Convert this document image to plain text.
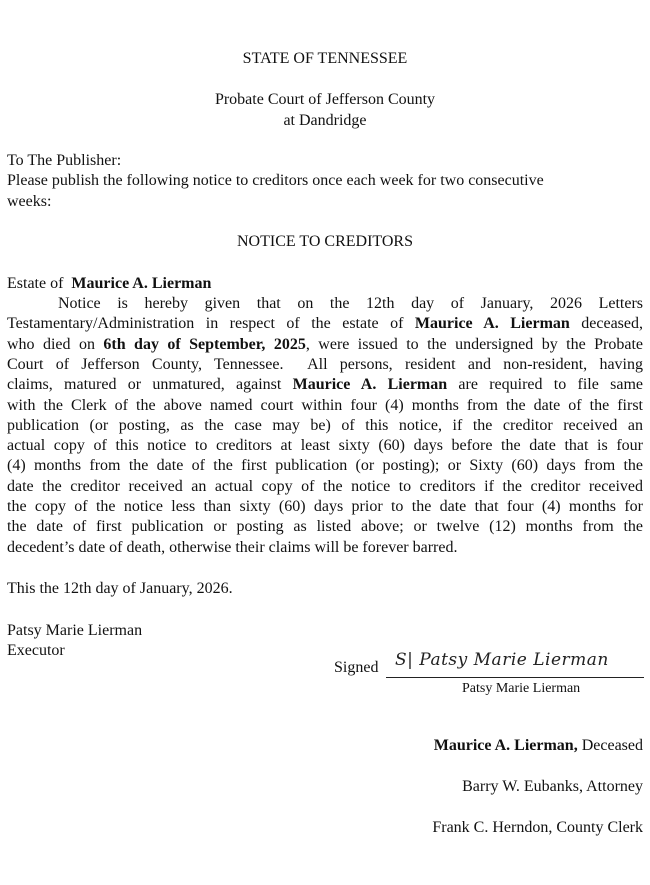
STATE OF TENNESSEE
Probate Court of Jefferson County
at Dandridge
To The Publisher:
Please publish the following notice to creditors once each week for two consecutive
weeks:
NOTICE TO CREDITORS
Estate of Maurice A. Lierman
Notice is hereby given that on the 12th day of January, 2026 Letters
Testamentary/Administration in respect of the estate of Maurice A. Lierman deceased,
who died on 6th day of September, 2025, were issued to the undersigned by the Probate
Court of Jefferson County, Tennessee.  All persons, resident and non-resident, having
claims, matured or unmatured, against Maurice A. Lierman are required to file same
with the Clerk of the above named court within four (4) months from the date of the first
publication (or posting, as the case may be) of this notice, if the creditor received an
actual copy of this notice to creditors at least sixty (60) days before the date that is four
(4) months from the date of the first publication (or posting); or Sixty (60) days from the
date the creditor received an actual copy of the notice to creditors if the creditor received
the copy of the notice less than sixty (60) days prior to the date that four (4) months for
the date of first publication or posting as listed above; or twelve (12) months from the
decedent’s date of death, otherwise their claims will be forever barred.
This the 12th day of January, 2026.
Patsy Marie Lierman
Executor
Signed S| Patsy Marie Lierman
Patsy Marie Lierman
Maurice A. Lierman, Deceased
Barry W. Eubanks, Attorney
Frank C. Herndon, County Clerk
